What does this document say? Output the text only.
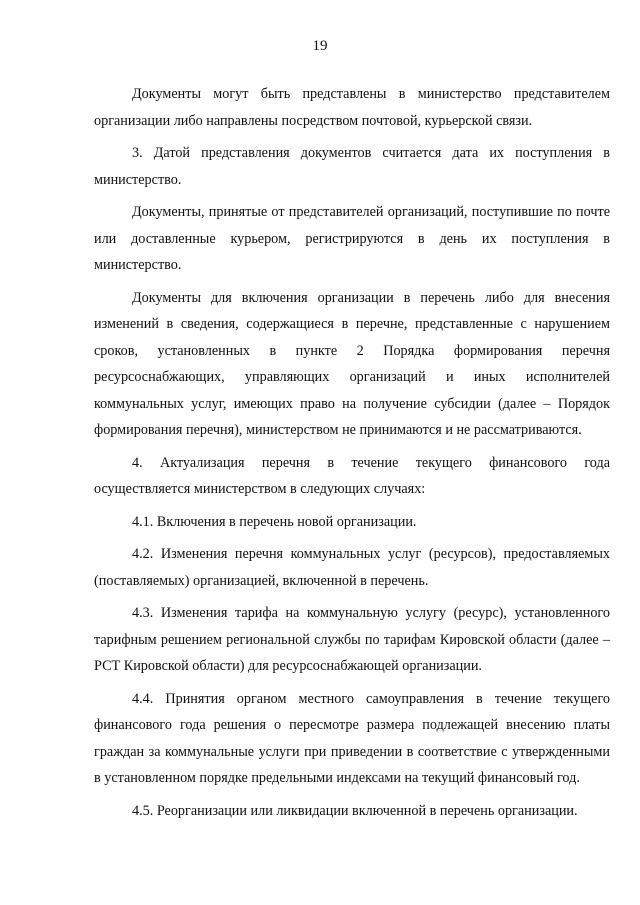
19

Документы могут быть представлены в министерство представителем организации либо направлены посредством почтовой, курьерской связи.

3. Датой представления документов считается дата их поступления в министерство.

Документы, принятые от представителей организаций, поступившие по почте или доставленные курьером, регистрируются в день их поступления в министерство.

Документы для включения организации в перечень либо для внесения изменений в сведения, содержащиеся в перечне, представленные с нарушением сроков, установленных в пункте 2 Порядка формирования перечня ресурсоснабжающих, управляющих организаций и иных исполнителей коммунальных услуг, имеющих право на получение субсидии (далее – Порядок формирования перечня), министерством не принимаются и не рассматриваются.

4. Актуализация перечня в течение текущего финансового года осуществляется министерством в следующих случаях:

4.1. Включения в перечень новой организации.

4.2. Изменения перечня коммунальных услуг (ресурсов), предоставляемых (поставляемых) организацией, включенной в перечень.

4.3. Изменения тарифа на коммунальную услугу (ресурс), установленного тарифным решением региональной службы по тарифам Кировской области (далее – РСТ Кировской области) для ресурсоснабжающей организации.

4.4. Принятия органом местного самоуправления в течение текущего финансового года решения о пересмотре размера подлежащей внесению платы граждан за коммунальные услуги при приведении в соответствие с утвержденными в установленном порядке предельными индексами на текущий финансовый год.

4.5. Реорганизации или ликвидации включенной в перечень организации.
